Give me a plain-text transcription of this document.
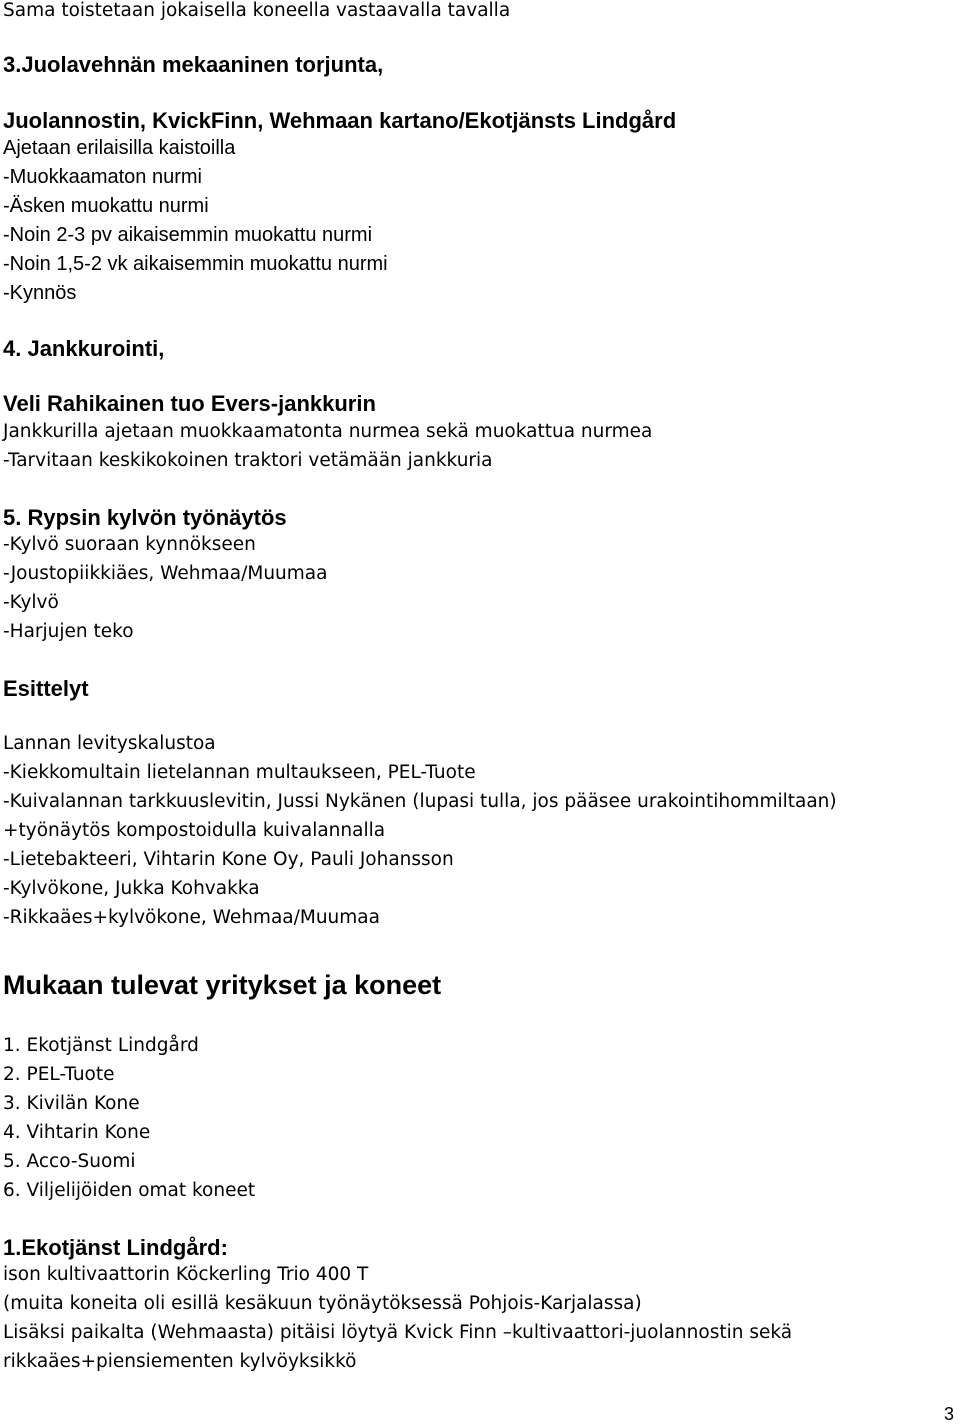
Sama toistetaan jokaisella koneella vastaavalla tavalla

3.Juolavehnän mekaaninen torjunta,

Juolannostin, KvickFinn, Wehmaan kartano/Ekotjänsts Lindgård

Ajetaan erilaisilla kaistoilla

-Muokkaamaton nurmi

-Äsken muokattu nurmi

-Noin 2-3 pv aikaisemmin muokattu nurmi

-Noin 1,5-2 vk aikaisemmin muokattu nurmi

-Kynnös

4. Jankkurointi,

Veli Rahikainen tuo Evers-jankkurin

Jankkurilla ajetaan muokkaamatonta nurmea sekä muokattua nurmea

-Tarvitaan keskikokoinen traktori vetämään jankkuria

5. Rypsin kylvön työnäytös

-Kylvö suoraan kynnökseen

-Joustopiikkiäes, Wehmaa/Muumaa

-Kylvö

-Harjujen teko

Esittelyt

Lannan levityskalustoa

-Kiekkomultain lietelannan multaukseen, PEL-Tuote

-Kuivalannan tarkkuuslevitin, Jussi Nykänen (lupasi tulla, jos pääsee urakointihommiltaan)

+työnäytös kompostoidulla kuivalannalla

-Lietebakteeri, Vihtarin Kone Oy, Pauli Johansson

-Kylvökone, Jukka Kohvakka

-Rikkaäes+kylvökone, Wehmaa/Muumaa

Mukaan tulevat yritykset ja koneet

1. Ekotjänst Lindgård

2. PEL-Tuote

3. Kivilän Kone

4. Vihtarin Kone

5. Acco-Suomi

6. Viljelijöiden omat koneet

1.Ekotjänst Lindgård:

ison kultivaattorin Köckerling Trio 400 T

(muita koneita oli esillä kesäkuun työnäytöksessä Pohjois-Karjalassa)

Lisäksi paikalta (Wehmaasta) pitäisi löytyä Kvick Finn –kultivaattori-juolannostin sekä

rikkaäes+piensiementen kylvöyksikkö

3
